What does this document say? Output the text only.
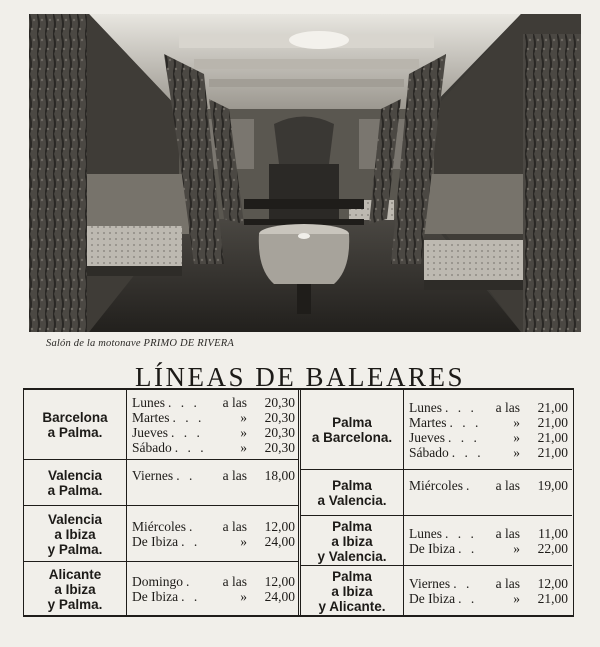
Salón de la motonave PRIMO DE RIVERA
LÍNEAS DE BALEARES
Barcelona
a Palma.
Lunes . . .	a las	20,30
Martes . . .	»	20,30
Jueves . . .	»	20,30
Sábado . . .	»	20,30
Valencia
a Palma.
Viernes . .	a las	18,00
Valencia
a Ibiza
y Palma.
Miércoles .	a las	12,00
De Ibiza . .	»	24,00
Alicante
a Ibiza
y Palma.
Domingo .	a las	12,00
De Ibiza . .	»	24,00
Palma
a Barcelona.
Lunes . . .	a las	21,00
Martes . . .	»	21,00
Jueves . . .	»	21,00
Sábado . . .	»	21,00
Palma
a Valencia.
Miércoles .	a las	19,00
Palma
a Ibiza
y Valencia.
Lunes . . .	a las	11,00
De Ibiza . .	»	22,00
Palma
a Ibiza
y Alicante.
Viernes . .	a las	12,00
De Ibiza . .	»	21,00
